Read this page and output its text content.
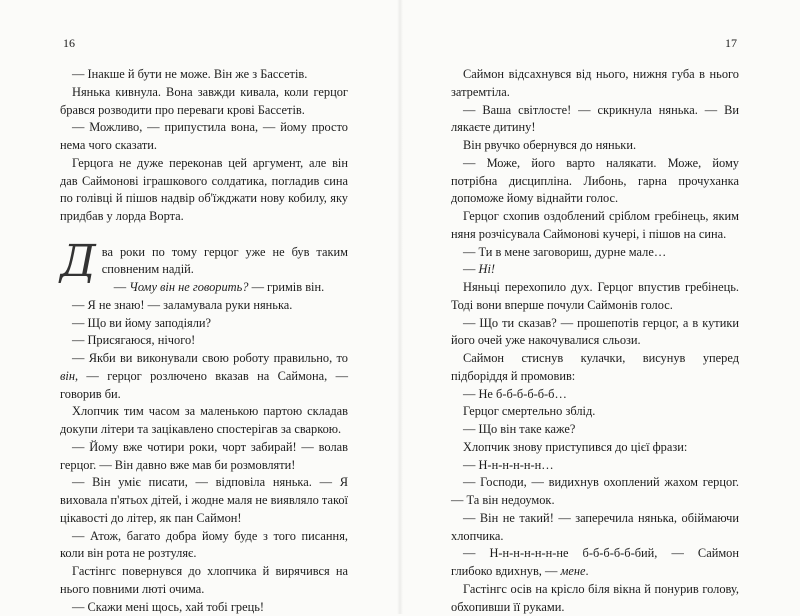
16

— Інакше й бути не може. Він же з Бассетів.

Нянька кивнула. Вона завжди кивала, коли герцог брався розводити про переваги крові Бассетів.

— Можливо, — припустила вона, — йому просто нема чого сказати.

Герцога не дуже переконав цей аргумент, але він дав Саймонові іграшкового солдатика, погладив сина по голівці й пішов надвір об'їжджати нову кобилу, яку придбав у лорда Ворта.

Два роки по тому герцог уже не був таким сповненим надій.

— Чому він не говорить? — гримів він.

— Я не знаю! — заламувала руки нянька.

— Що ви йому заподіяли?

— Присягаюся, нічого!

— Якби ви виконували свою роботу правильно, то він, — герцог розлючено вказав на Саймона, — говорив би.

Хлопчик тим часом за маленькою партою складав докупи літери та зацікавлено спостерігав за сваркою.

— Йому вже чотири роки, чорт забирай! — волав герцог. — Він давно вже мав би розмовляти!

— Він уміє писати, — відповіла нянька. — Я виховала п'ятьох дітей, і жодне маля не виявляло такої цікавості до літер, як пан Саймон!

— Атож, багато добра йому буде з того писання, коли він рота не розтуляє.

Гастінгс повернувся до хлопчика й вирячився на нього повними люті очима.

— Скажи мені щось, хай тобі грець!

17

Саймон відсахнувся від нього, нижня губа в нього затремтіла.

— Ваша світлосте! — скрикнула нянька. — Ви лякаєте дитину!

Він рвучко обернувся до няньки.

— Може, його варто налякати. Може, йому потрібна дисципліна. Либонь, гарна прочуханка допоможе йому віднайти голос.

Герцог схопив оздоблений сріблом гребінець, яким няня розчісувала Саймонові кучері, і пішов на сина.

— Ти в мене заговориш, дурне мале…

— Ні!

Няньці перехопило дух. Герцог впустив гребінець. Тоді вони вперше почули Саймонів голос.

— Що ти сказав? — прошепотів герцог, а в кутики його очей уже накочувалися сльози.

Саймон стиснув кулачки, висунув уперед підборіддя й промовив:

— Не б-б-б-б-б-б…

Герцог смертельно зблід.

— Що він таке каже?

Хлопчик знову приступився до цієї фрази:

— Н-н-н-н-н-н…

— Господи, — видихнув охоплений жахом герцог. — Та він недоумок.

— Він не такий! — заперечила нянька, обіймаючи хлопчика.

— Н-н-н-н-н-н-не б-б-б-б-б-бий, — Саймон глибоко вдихнув, — мене.

Гастінгс осів на крісло біля вікна й понурив голову, обхопивши її руками.
